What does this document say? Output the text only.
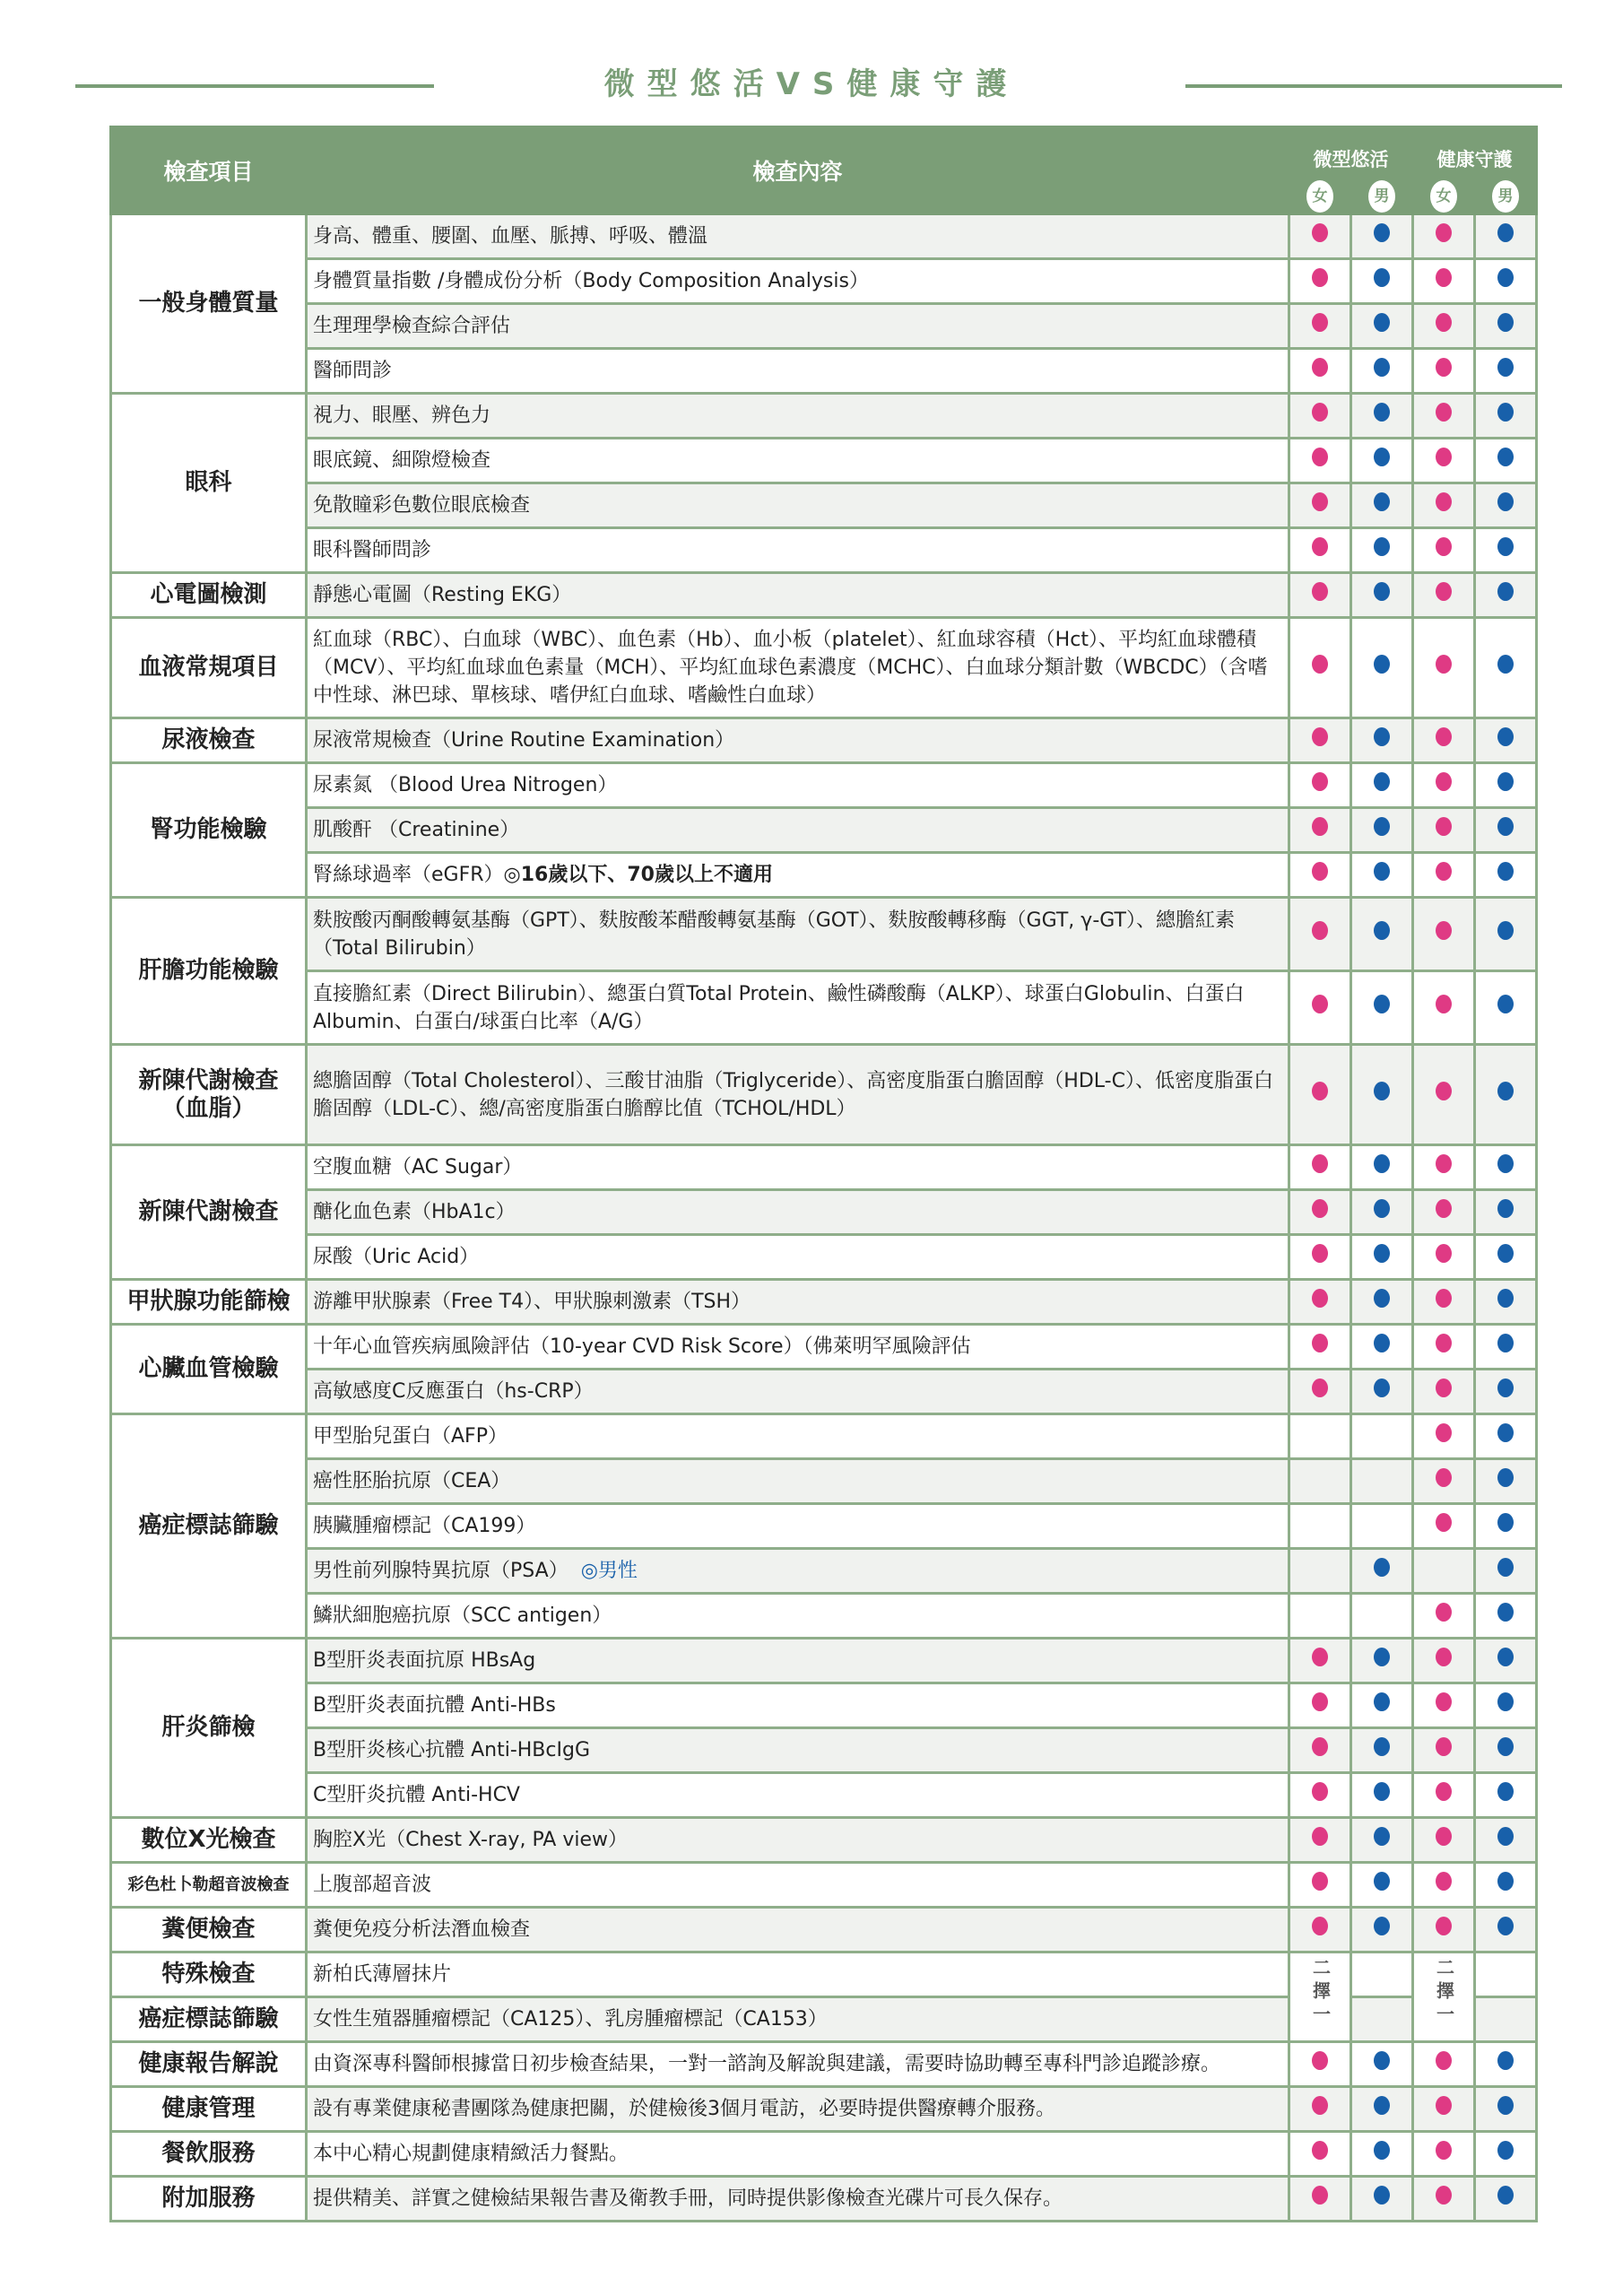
微型悠活VS健康守護
檢查項目	檢查內容	微型悠活		健康守護	
		女	男	女	男
一般身體質量	身高、體重、腰圍、血壓、脈搏、呼吸、體溫				
	身體質量指數 /身體成份分析（Body Composition Analysis）				
	生理理學檢查綜合評估				
	醫師問診				
眼科	視力、眼壓、辨色力				
	眼底鏡、細隙燈檢查				
	免散瞳彩色數位眼底檢查				
	眼科醫師問診				
心電圖檢測	靜態心電圖（Resting EKG）				
血液常規項目	紅血球（RBC）、白血球（WBC）、血色素（Hb）、血小板（platelet）、紅血球容積（Hct）、平均紅血球體積（MCV）、平均紅血球血色素量（MCH）、平均紅血球色素濃度（MCHC）、白血球分類計數（WBCDC）（含嗜中性球、淋巴球、單核球、嗜伊紅白血球、嗜鹼性白血球）				
尿液檢查	尿液常規檢查（Urine Routine Examination）				
腎功能檢驗	尿素氮 （Blood Urea Nitrogen）				
	肌酸酐 （Creatinine）				
	腎絲球過率（eGFR）◎16歲以下、70歲以上不適用				
肝膽功能檢驗	麩胺酸丙酮酸轉氨基酶（GPT）、麩胺酸苯醋酸轉氨基酶（GOT）、麩胺酸轉移酶（GGT, γ-GT）、總膽紅素 （Total Bilirubin）				
	直接膽紅素（Direct Bilirubin）、總蛋白質Total Protein、鹼性磷酸酶（ALKP）、球蛋白Globulin、白蛋白Albumin、白蛋白/球蛋白比率（A/G）				
新陳代謝檢查（血脂）	總膽固醇（Total Cholesterol）、三酸甘油脂（Triglyceride）、高密度脂蛋白膽固醇（HDL-C）、低密度脂蛋白膽固醇（LDL-C）、總/高密度脂蛋白膽醇比值（TCHOL/HDL）				
新陳代謝檢查	空腹血糖（AC Sugar）				
	醣化血色素（HbA1c）				
	尿酸（Uric Acid）				
甲狀腺功能篩檢	游離甲狀腺素（Free T4）、甲狀腺刺激素（TSH）				
心臟血管檢驗	十年心血管疾病風險評估（10-year CVD Risk Score）（佛萊明罕風險評估				
	高敏感度C反應蛋白（hs-CRP）				
癌症標誌篩驗	甲型胎兒蛋白（AFP）				
	癌性胚胎抗原（CEA）				
	胰臟腫瘤標記（CA199）				
	男性前列腺特異抗原（PSA） ◎男性				
	鱗狀細胞癌抗原（SCC antigen）				
肝炎篩檢	B型肝炎表面抗原 HBsAg				
	B型肝炎表面抗體 Anti-HBs				
	B型肝炎核心抗體 Anti-HBcIgG				
	C型肝炎抗體 Anti-HCV				
數位X光檢查	胸腔X光（Chest X-ray, PA view）				
彩色杜卜勒超音波檢查	上腹部超音波				
糞便檢查	糞便免疫分析法潛血檢查				
特殊檢查	新柏氏薄層抹片	二擇一		二擇一	
癌症標誌篩驗	女性生殖器腫瘤標記（CA125）、乳房腫瘤標記（CA153）				
健康報告解說	由資深專科醫師根據當日初步檢查結果，一對一諮詢及解說與建議，需要時協助轉至專科門診追蹤診療。				
健康管理	設有專業健康秘書團隊為健康把關，於健檢後3個月電訪，必要時提供醫療轉介服務。				
餐飲服務	本中心精心規劃健康精緻活力餐點。				
附加服務	提供精美、詳實之健檢結果報告書及衛教手冊，同時提供影像檢查光碟片可長久保存。				
